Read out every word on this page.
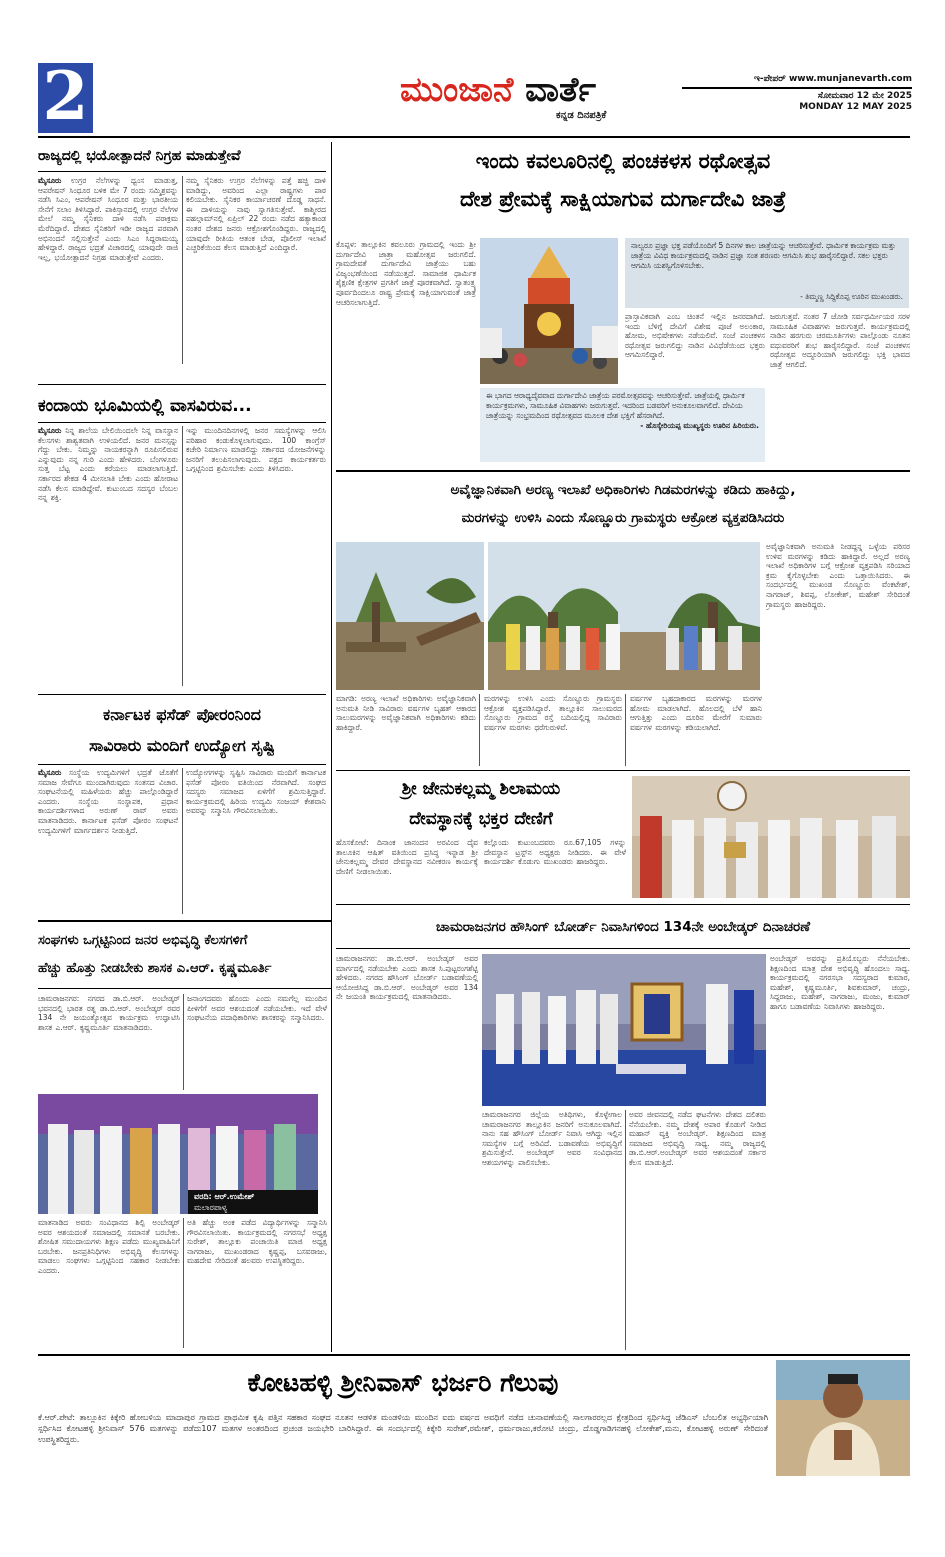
2	ಮುಂಜಾನೆ ವಾರ್ತೆ
ಕನ್ನಡ ದಿನಪತ್ರಿಕೆ
ಇ-ಪೇಪರ್ www.munjanevarth.com
ಸೋಮವಾರ 12 ಮೇ 2025
MONDAY 12 MAY 2025
ರಾಜ್ಯದಲ್ಲಿ ಭಯೋತ್ಪಾದನೆ ನಿಗ್ರಹ ಮಾಡುತ್ತೇವೆ
ಮೈಸೂರು ಉಗ್ರರ ನೆಲೆಗಳನ್ನು ಧ್ವಂಸ ಮಾಡುತ್ತ, ಆಪರೇಷನ್ ಸಿಂಧೂರ ಬಳಿಕ ಮೇ 7 ರಂದು ಸಮ್ಮಿಶ್ರವನ್ನು ನಡೆಸಿ ಸಿಎಂ, ಆಪರೇಷನ್ ಸಿಂಧೂರ ಮತ್ತು ಭಾರತೀಯ ಸೇನೆಗೆ ಸಲಾಂ ತಿಳಿಸಿದ್ದಾರೆ. ಪಾಕಿಸ್ತಾನದಲ್ಲಿ ಉಗ್ರರ ನೆಲೆಗಳ ಮೇಲೆ ನಮ್ಮ ಸೈನಿಕರು ದಾಳಿ ನಡೆಸಿ ಪರಾಕ್ರಮ ಮೆರೆದಿದ್ದಾರೆ. ದೇಶದ ಸೈನಿಕರಿಗೆ ಇಡೀ ರಾಜ್ಯದ ಪರವಾಗಿ ಅಭಿನಂದನೆ ಸಲ್ಲಿಸುತ್ತೇನೆ ಎಂದು ಸಿಎಂ ಸಿದ್ದರಾಮಯ್ಯ ಹೇಳಿದ್ದಾರೆ. ರಾಜ್ಯದ ಭದ್ರತೆ ವಿಚಾರದಲ್ಲಿ ಯಾವುದೇ ರಾಜಿ ಇಲ್ಲ, ಭಯೋತ್ಪಾದನೆ ನಿಗ್ರಹ ಮಾಡುತ್ತೇವೆ ಎಂದರು.
ನಮ್ಮ ಸೈನಿಕರು ಉಗ್ರರ ನೆಲೆಗಳನ್ನು ಪತ್ತೆ ಹಚ್ಚಿ ದಾಳಿ ಮಾಡಿದ್ದು, ಅವರಿಂದ ಎಲ್ಲಾ ರಾಷ್ಟ್ರಗಳು ಪಾಠ ಕಲಿಯಬೇಕು. ಸೈನಿಕರ ಕಾರ್ಯಾಚರಣೆ ದೊಡ್ಡ ಸಾಧನೆ. ಈ ದಾಳಿಯನ್ನು ನಾವು ಸ್ವಾಗತಿಸುತ್ತೇವೆ. ಕಾಶ್ಮೀರದ ಪಹಲ್ಗಾಮ್‌ನಲ್ಲಿ ಏಪ್ರಿಲ್ 22 ರಂದು ನಡೆದ ಹತ್ಯಾಕಾಂಡ ನಂತರ ದೇಶದ ಜನರು ಆಕ್ರೋಶಗೊಂಡಿದ್ದರು. ರಾಜ್ಯದಲ್ಲಿ ಯಾವುದೇ ರೀತಿಯ ಆತಂಕ ಬೇಡ, ಪೊಲೀಸ್ ಇಲಾಖೆ ಎಚ್ಚರಿಕೆಯಿಂದ ಕೆಲಸ ಮಾಡುತ್ತಿದೆ ಎಂದಿದ್ದಾರೆ.
ಕಂದಾಯ ಭೂಮಿಯಲ್ಲಿ ವಾಸವಿರುವ...
ಮೈಸೂರು ನಿನ್ನ ಶಾಲೆಯ ಬೇಲಿಯಿಂದಲೇ ನಿನ್ನ ವಾಸಸ್ಥಾನ ಕೆಲಸಗಳು ಶಾಶ್ವತವಾಗಿ ಉಳಿಯಲಿದೆ. ಜನರ ಮನಸ್ಸನ್ನು ಗೆದ್ದು ಬೇಕು. ನಿಮ್ಮನ್ನು ನಾಯಕರನ್ನಾಗಿ ರೂಪಿಸಲಿರುವ ಎನ್ನುವುದು ನನ್ನ ಗುರಿ ಎಂದು ಹೇಳಿದರು. ಬೆಂಗಳೂರು ಸುತ್ತ ಬೆಟ್ಟ ಎಂದು ಕರೆಯಲು ಮಾಡಲಾಗುತ್ತಿದೆ. ಸರ್ಕಾರದ ಶೇಕಡ 4 ಮೀಸಲಾತಿ ಬೇಕು ಎಂದು ಹೋರಾಟ ನಡೆಸಿ ಕೆಲಸ ಮಾಡಿದ್ದೇವೆ. ಕುಟುಂಬದ ಸದಸ್ಯರ ಬೆಂಬಲ ನನ್ನ ಶಕ್ತಿ.
ಇನ್ನು ಮುಂದಿನದಿನಗಳಲ್ಲಿ ಜನರ ಸಮಸ್ಯೆಗಳನ್ನು ಆಲಿಸಿ ಪರಿಹಾರ ಕಂಡುಕೊಳ್ಳಲಾಗುವುದು. 100 ಕಾಂಗ್ರೆಸ್ ಕಚೇರಿ ನಿರ್ಮಾಣ ಮಾಡಲಿದ್ದು ಸರ್ಕಾರದ ಯೋಜನೆಗಳನ್ನು ಜನರಿಗೆ ತಲುಪಿಸಲಾಗುವುದು. ಪಕ್ಷದ ಕಾರ್ಯಕರ್ತರು ಒಗ್ಗಟ್ಟಿನಿಂದ ಶ್ರಮಿಸಬೇಕು ಎಂದು ತಿಳಿಸಿದರು.
ಕರ್ನಾಟಕ ಫಸೆಡ್ ಪೋರಂನಿಂದ
ಸಾವಿರಾರು ಮಂದಿಗೆ ಉದ್ಯೋಗ ಸೃಷ್ಟಿ
ಮೈಸೂರು ಸಂಸ್ಥೆಯ ಉದ್ಯಮಿಗಳಿಗೆ ಭದ್ರತೆ ಜೊತೆಗೆ ಸಮಾಜ ಸೇವೆಗೂ ಮುಂದಾಗಿರುವುದು ಸಂತಸದ ವಿಚಾರ. ಸಂಘಟನೆಯಲ್ಲಿ ಮಹಿಳೆಯರು ಹೆಚ್ಚು ಪಾಲ್ಗೊಂಡಿದ್ದಾರೆ ಎಂದರು. ಸಂಸ್ಥೆಯ ಸಂಸ್ಥಾಪಕ, ಪ್ರಧಾನ ಕಾರ್ಯದರ್ಶಿಗಳಾದ ಅರುಣ್ ರಾವ್ ಅವರು ಮಾತನಾಡಿದರು. ಕಾರ್ನಾಟಕ ಫಸೆಡ್ ಪೋರಂ ಸಂಘಟನೆ ಉದ್ಯಮಿಗಳಿಗೆ ಮಾರ್ಗದರ್ಶನ ನೀಡುತ್ತಿದೆ.
ಉದ್ಯೋಗಗಳನ್ನು ಸೃಷ್ಟಿಸಿ ಸಾವಿರಾರು ಮಂದಿಗೆ ಕಾರ್ನಾಟಕ ಫಸೆಡ್ ಪೋರಂ ವತಿಯಿಂದ ನೆರವಾಗಿದೆ. ಸಂಘದ ಸದಸ್ಯರು ಸಮಾಜದ ಏಳಿಗೆಗೆ ಶ್ರಮಿಸುತ್ತಿದ್ದಾರೆ. ಕಾರ್ಯಕ್ರಮದಲ್ಲಿ ಹಿರಿಯ ಉದ್ಯಮಿ ಸಂಜಯ್ ಕೇಶವಾನಿ ಅವರನ್ನು ಸನ್ಮಾನಿಸಿ ಗೌರವಿಸಲಾಯಿತು.
ಇಂದು ಕವಲೂರಿನಲ್ಲಿ ಪಂಚಕಳಸ ರಥೋತ್ಸವ
ದೇಶ ಪ್ರೇಮಕ್ಕೆ ಸಾಕ್ಷಿಯಾಗುವ ದುರ್ಗಾದೇವಿ ಜಾತ್ರೆ
ನಾಲ್ವರೂ ಪ್ರಜ್ಞಾ ಭಕ್ತ ಪಡೆಯೊಂದಿಗೆ 5 ದಿನಗಳ ಕಾಲ ಜಾತ್ರೆಯನ್ನು ಆಚರಿಸುತ್ತೇವೆ. ಧಾರ್ಮಿಕ ಕಾರ್ಯಕ್ರಮ ಮತ್ತು ಜಾತ್ರೆಯ ವಿವಿಧ ಕಾರ್ಯಕ್ರಮದಲ್ಲಿ ನಾಡಿನ ಪ್ರಜ್ಞಾ ಸಂತ ಶರಣರು ಆಗಮಿಸಿ ಶುಭ ಹಾರೈಸಲಿದ್ದಾರೆ. ಸಕಲ ಭಕ್ತರು ಆಗಮಿಸಿ ಯಶಸ್ವಿಗೊಳಿಸಬೇಕು.
- ತಿಮ್ಮಣ್ಣ ಸಿದ್ದಿಕೊಪ್ಪ ಊರಿನ ಮುಖಂಡರು.
ಕೊಪ್ಪಳ: ತಾಲ್ಲೂಕಿನ ಕವಲೂರು ಗ್ರಾಮದಲ್ಲಿ ಇಂದು ಶ್ರೀ ದುರ್ಗಾದೇವಿ ಜಾತ್ರಾ ಮಹೋತ್ಸವ ಜರುಗಲಿದೆ. ಗ್ರಾಮದೇವತೆ ದುರ್ಗಾದೇವಿ ಜಾತ್ರೆಯು ಬಹು ವಿಜೃಂಭಣೆಯಿಂದ ನಡೆಯುತ್ತದೆ. ಸಾಮಾಜಿಕ ಧಾರ್ಮಿಕ ಶೈಕ್ಷಣಿಕ ಕ್ಷೇತ್ರಗಳ ಪ್ರಗತಿಗೆ ಜಾತ್ರೆ ಪೂರಕವಾಗಿದೆ. ಸ್ವಾತಂತ್ರ್ಯ ಪೂರ್ವದಿಂದಲೂ ರಾಷ್ಟ್ರ ಪ್ರೇಮಕ್ಕೆ ಸಾಕ್ಷಿಯಾಗುವಂತೆ ಜಾತ್ರೆ ಆಚರಿಸಲಾಗುತ್ತಿದೆ.
ಪ್ರಾಸ್ತಾವಿಕವಾಗಿ ಎಂಬ ಚಿಂತನೆ ಇಲ್ಲಿನ ಜನರದಾಗಿದೆ. ಇಂದು ಬೆಳಿಗ್ಗೆ ದೇವಿಗೆ ವಿಶೇಷ ಪೂಜೆ ಅಲಂಕಾರ, ಹೋಮ, ಅಭಿಷೇಕಗಳು ನಡೆಯಲಿವೆ. ಸಂಜೆ ಪಂಚಕಳಸ ರಥೋತ್ಸವ ಜರುಗಲಿದ್ದು ನಾಡಿನ ವಿವಿಧೆಡೆಯಿಂದ ಭಕ್ತರು ಆಗಮಿಸಲಿದ್ದಾರೆ.
ಜರುಗುತ್ತವೆ. ನಂತರ 7 ಜೋಡಿ ಸರ್ವಧರ್ಮೀಯರ ಸರಳ ಸಾಮೂಹಿಕ ವಿವಾಹಗಳು ಜರುಗುತ್ತವೆ. ಕಾರ್ಯಕ್ರಮದಲ್ಲಿ ನಾಡಿನ ಹರಗುರು ಚರಮೂರ್ತಿಗಳು ಪಾಲ್ಗೊಂಡು ನೂತನ ವಧುವರರಿಗೆ ಶುಭ ಹಾರೈಸಲಿದ್ದಾರೆ. ಸಂಜೆ ಪಂಚಕಳಸ ರಥೋತ್ಸವ ಅದ್ಧೂರಿಯಾಗಿ ಜರುಗಲಿದ್ದು ಭಕ್ತಿ ಭಾವದ ಜಾತ್ರೆ ಆಗಲಿದೆ.
ಈ ಭಾಗದ ಆರಾಧ್ಯದೈವವಾದ ದುರ್ಗಾದೇವಿ ಜಾತ್ರೆಯ ಪರಮೋತ್ಸವವನ್ನು ಆಚರಿಸುತ್ತೇವೆ. ಜಾತ್ರೆಯಲ್ಲಿ ಧಾರ್ಮಿಕ ಕಾರ್ಯಕ್ರಮಗಳು, ಸಾಮೂಹಿಕ ವಿವಾಹಗಳು ಜರುಗುತ್ತವೆ. ಇದರಿಂದ ಬಡವರಿಗೆ ಅನುಕೂಲವಾಗಲಿದೆ. ದೇವಿಯ ಜಾತ್ರೆಯನ್ನು ಸಂಭ್ರಮದಿಂದ ರಥೋತ್ಸವದ ಮೂಲಕ ದೇಶ ಭಕ್ತಿಗೆ ಹೆಸರಾಗಿದೆ.
- ಹೊಸ್ಕೇರಿಯಪ್ಪ ಮುಖ್ಯಸ್ಥರು ಊರಿನ ಹಿರಿಯರು.
ಅವೈಜ್ಞಾನಿಕವಾಗಿ ಅರಣ್ಯ ಇಲಾಖೆ ಅಧಿಕಾರಿಗಳು ಗಿಡಮರಗಳನ್ನು ಕಡಿದು ಹಾಕಿದ್ದು,
ಮರಗಳನ್ನು ಉಳಿಸಿ ಎಂದು ಸೊಣ್ಣೂರು ಗ್ರಾಮಸ್ಥರು ಆಕ್ರೋಶ ವ್ಯಕ್ತಪಡಿಸಿದರು
ಅವೈಜ್ಞಾನಿಕವಾಗಿ ಅನುಮತಿ ನೀಡದ್ದನ್ನ ಒಳ್ಳೆಯ ಪರಿಸರ ಉಳಿವ ಮರಗಳನ್ನು ಕಡಿದು ಹಾಕಿದ್ದಾರೆ. ಅಲ್ಲದೆ ಅರಣ್ಯ ಇಲಾಖೆ ಅಧಿಕಾರಿಗಳ ಬಗ್ಗೆ ಆಕ್ರೋಶ ವ್ಯಕ್ತಪಡಿಸಿ ಸರಿಯಾದ ಕ್ರಮ ಕೈಗೊಳ್ಳಬೇಕು ಎಂದು ಒತ್ತಾಯಿಸಿದರು. ಈ ಸಂದರ್ಭದಲ್ಲಿ ಮುಖಂಡ ಸೊಣ್ಣೂರು ವೆಂಕಟೇಶ್, ನಾಗರಾಜ್, ಶಿವಪ್ಪ, ಲೋಕೇಶ್, ಮಹೇಶ್ ಸೇರಿದಂತೆ ಗ್ರಾಮಸ್ಥರು ಹಾಜರಿದ್ದರು.
ಮಾಗಡಿ: ಅರಣ್ಯ ಇಲಾಖೆ ಅಧಿಕಾರಿಗಳು ಅವೈಜ್ಞಾನಿಕವಾಗಿ ಅನುಮತಿ ನೀಡಿ ಸಾವಿರಾರು ವರ್ಷಗಳ ಬೃಹತ್ ಆಕಾರದ ಸಾಲುಮರಗಳನ್ನು ಅವೈಜ್ಞಾನಿಕವಾಗಿ ಅಧಿಕಾರಿಗಳು ಕಡಿದು ಹಾಕಿದ್ದಾರೆ.
ಮರಗಳನ್ನು ಉಳಿಸಿ ಎಂದು ಸೊಣ್ಣೂರು ಗ್ರಾಮಸ್ಥರು ಆಕ್ರೋಶ ವ್ಯಕ್ತಪಡಿಸಿದ್ದಾರೆ. ತಾಲ್ಲೂಕಿನ ಸಾಲುಮರದ ಸೊಣ್ಣೂರು ಗ್ರಾಮದ ರಸ್ತೆ ಬದಿಯಲ್ಲಿದ್ದ ಸಾವಿರಾರು ವರ್ಷಗಳ ಮರಗಳು ಧರೆಗುರುಳಿವೆ.
ವರ್ಷಗಳ ಬೃಹದಾಕಾರದ ಮರಗಳನ್ನು ಮರಗಳ ಹೋಮ ಮಾಡಲಾಗಿದೆ. ಹೊಲದಲ್ಲಿ ಬೆಳೆ ಹಾನಿ ಆಗುತ್ತಿತ್ತು ಎಂದು ದೂರಿನ ಮೇರೆಗೆ ಸುಮಾರು ವರ್ಷಗಳ ಮರಗಳನ್ನು ಕಡಿಯಲಾಗಿದೆ.
ಶ್ರೀ ಜೇನುಕಲ್ಲಮ್ಮ ಶಿಲಾಮಯ
ದೇವಸ್ಥಾನಕ್ಕೆ ಭಕ್ತರ ದೇಣಿಗೆ
ಹೊಸಕೋಟೆ: ದಿನಾಂಕ ಜಾನಂದನ ಅರವಿಂದ ದೈವ ತಾಲೂಕಿನ ಆಷಿತ್ ವತಿಯಿಂದ ಪ್ರಸಿದ್ಧ ಇನ್ನಾಡ ಶ್ರೀ ಜೇನುಕಲ್ಲಮ್ಮ ದೇವರ ದೇವಸ್ಥಾನದ ನವೀಕರಣ ಕಾರ್ಯಕ್ಕೆ ದೇಣಿಗೆ ನೀಡಲಾಯಿತು.
ಕಲ್ಲೊಂದು ಕುಟುಂಬದವರು ರೂ.67,105 ಗಳನ್ನು ದೇವಸ್ಥಾನ ಟ್ರಸ್ಟ್‌ನ ಅಧ್ಯಕ್ಷರು ನೀಡಿದರು. ಈ ವೇಳೆ ಕಾರ್ಯದರ್ಶಿ ಕೊಡುಗು ಮುಖಂಡರು ಹಾಜರಿದ್ದರು.
ಚಾಮರಾಜನಗರ ಹೌಸಿಂಗ್ ಬೋರ್ಡ್ ನಿವಾಸಿಗಳಿಂದ 134ನೇ ಅಂಬೇಡ್ಕರ್ ದಿನಾಚರಣೆ
ಚಾಮರಾಜನಗರ: ಡಾ.ಬಿ.ಆರ್. ಅಂಬೇಡ್ಕರ್ ಅವರ ಮಾರ್ಗದಲ್ಲಿ ನಡೆಯಬೇಕು ಎಂದು ಶಾಸಕ ಸಿ.ಪುಟ್ಟರಂಗಶೆಟ್ಟಿ ಹೇಳಿದರು. ನಗರದ ಹೌಸಿಂಗ್ ಬೋರ್ಡ್ ಬಡಾವಣೆಯಲ್ಲಿ ಆಯೋಜಿಸಿದ್ದ ಡಾ.ಬಿ.ಆರ್. ಅಂಬೇಡ್ಕರ್ ಅವರ 134 ನೇ ಜಯಂತಿ ಕಾರ್ಯಕ್ರಮದಲ್ಲಿ ಮಾತನಾಡಿದರು.
ಅಂಬೇಡ್ಕರ್ ಅವರನ್ನು ಪ್ರತಿಯೊಬ್ಬರು ನೆನೆಯಬೇಕು. ಶಿಕ್ಷಣದಿಂದ ಮಾತ್ರ ದೇಶ ಅಭಿವೃದ್ಧಿ ಹೊಂದಲು ಸಾಧ್ಯ. ಕಾರ್ಯಕ್ರಮದಲ್ಲಿ ನಗರಸಭಾ ಸದಸ್ಯರಾದ ಕುಮಾರ, ಮಹೇಶ್, ಕೃಷ್ಣಮೂರ್ತಿ, ಶಿವಕುಮಾರ್, ಚಂದ್ರು, ಸಿದ್ದರಾಜು, ಮಹೇಶ್, ನಾಗರಾಜು, ಮಂಜು, ಕುಮಾರ್ ಹಾಗೂ ಬಡಾವಣೆಯ ನಿವಾಸಿಗಳು ಹಾಜರಿದ್ದರು.
ಚಾಮರಾಜನಗರ ಜಿಲ್ಲೆಯ ಅತಿಥಿಗಳು, ಕೊಳ್ಳೇಗಾಲ ಚಾಮರಾಜನಗರ ತಾಲ್ಲೂಕಿನ ಜನರಿಗೆ ಅನುಕೂಲವಾಗಿದೆ. ನಾನು ಸಹ ಹೌಸಿಂಗ್ ಬೋರ್ಡ್ ನಿವಾಸಿ ಆಗಿದ್ದು ಇಲ್ಲಿನ ಸಮಸ್ಯೆಗಳ ಬಗ್ಗೆ ಅರಿವಿದೆ. ಬಡಾವಣೆಯ ಅಭಿವೃದ್ಧಿಗೆ ಶ್ರಮಿಸುತ್ತೇನೆ. ಅಂಬೇಡ್ಕರ್ ಅವರ ಸಂವಿಧಾನದ ಆಶಯಗಳನ್ನು ಪಾಲಿಸಬೇಕು.
ಅವರ ಜೀವನದಲ್ಲಿ ನಡೆದ ಘಟನೆಗಳು ದೇಶದ ದಲಿತರು ನೆನೆಯಬೇಕು. ನಮ್ಮ ದೇಶಕ್ಕೆ ಅಪಾರ ಕೊಡುಗೆ ನೀಡಿದ ಮಹಾನ್ ವ್ಯಕ್ತಿ ಅಂಬೇಡ್ಕರ್. ಶಿಕ್ಷಣದಿಂದ ಮಾತ್ರ ಸಮಾಜದ ಅಭಿವೃದ್ಧಿ ಸಾಧ್ಯ. ನಮ್ಮ ರಾಜ್ಯದಲ್ಲಿ ಡಾ.ಬಿ.ಆರ್.ಅಂಬೇಡ್ಕರ್ ಅವರ ಆಶಯದಂತೆ ಸರ್ಕಾರ ಕೆಲಸ ಮಾಡುತ್ತಿದೆ.
ಸಂಘಗಳು ಒಗ್ಗಟ್ಟಿನಿಂದ ಜನರ ಅಭಿವೃದ್ಧಿ ಕೆಲಸಗಳಿಗೆ
ಹೆಚ್ಚು ಹೊತ್ತು ನೀಡಬೇಕು ಶಾಸಕ ಎ.ಆರ್. ಕೃಷ್ಣಮೂರ್ತಿ
ಚಾಮರಾಜನಗರ: ನಗರದ ಡಾ.ಬಿ.ಆರ್. ಅಂಬೇಡ್ಕರ್ ಭವನದಲ್ಲಿ ಭಾರತ ರತ್ನ ಡಾ.ಬಿ.ಆರ್. ಅಂಬೇಡ್ಕರ್ ರವರ 134 ನೇ ಜಯಂತ್ಯೋತ್ಸವ ಕಾರ್ಯಕ್ರಮ ಉದ್ಘಾಟಿಸಿ ಶಾಸಕ ಎ.ಆರ್. ಕೃಷ್ಣಮೂರ್ತಿ ಮಾತನಾಡಿದರು.
ಜನಾಂಗದವರು ಹೊಂದು ಎಂದು ನಮಗೆಲ್ಲ ಮುಂದಿನ ಪೀಳಿಗೆಗೆ ಅವರ ಆಶಯದಂತೆ ನಡೆಯಬೇಕು. ಇದೆ ವೇಳೆ ಸಂಘಟನೆಯ ಪದಾಧಿಕಾರಿಗಳು ಶಾಸಕರನ್ನು ಸನ್ಮಾನಿಸಿದರು.
ವರದಿ: ಆರ್.ಉಮೇಶ್
ಮಲಾರಪಾಳ್ಯ
ಮಾತನಾಡಿದ ಅವರು ಸಂವಿಧಾನದ ಶಿಲ್ಪಿ ಅಂಬೇಡ್ಕರ್ ಅವರ ಆಶಯದಂತೆ ಸಮಾಜದಲ್ಲಿ ಸಮಾನತೆ ಬರಬೇಕು. ಶೋಷಿತ ಸಮುದಾಯಗಳು ಶಿಕ್ಷಣ ಪಡೆದು ಮುಖ್ಯವಾಹಿನಿಗೆ ಬರಬೇಕು. ಜನಪ್ರತಿನಿಧಿಗಳು ಅಭಿವೃದ್ಧಿ ಕೆಲಸಗಳನ್ನು ಮಾಡಲು ಸಂಘಗಳು ಒಗ್ಗಟ್ಟಿನಿಂದ ಸಹಕಾರ ನೀಡಬೇಕು ಎಂದರು.
ಅತಿ ಹೆಚ್ಚು ಅಂಕ ಪಡೆದ ವಿದ್ಯಾರ್ಥಿಗಳನ್ನು ಸನ್ಮಾನಿಸಿ ಗೌರವಿಸಲಾಯಿತು. ಕಾರ್ಯಕ್ರಮದಲ್ಲಿ ನಗರಸಭೆ ಅಧ್ಯಕ್ಷ ಸುರೇಶ್, ತಾಲ್ಲೂಕು ಪಂಚಾಯಿತಿ ಮಾಜಿ ಅಧ್ಯಕ್ಷ ನಾಗರಾಜು, ಮುಖಂಡರಾದ ಕೃಷ್ಣಪ್ಪ, ಬಸವರಾಜು, ಮಹದೇವ ಸೇರಿದಂತೆ ಹಲವರು ಉಪಸ್ಥಿತರಿದ್ದರು.
ಕೋಟಹಳ್ಳಿ ಶ್ರೀನಿವಾಸ್ ಭರ್ಜರಿ ಗೆಲುವು
ಕೆ.ಆರ್.ಪೇಟೆ: ತಾಲ್ಲೂಕಿನ ಕಿಕ್ಕೇರಿ ಹೋಬಳಿಯ ಮಾದಾಪುರ ಗ್ರಾಮದ ಪ್ರಾಥಮಿಕ ಕೃಷಿ ಪತ್ತಿನ ಸಹಕಾರ ಸಂಘದ ನೂತನ ಆಡಳಿತ ಮಂಡಳಿಯ ಮುಂದಿನ ಐದು ವರ್ಷದ ಅವಧಿಗೆ ನಡೆದ ಚುನಾವಣೆಯಲ್ಲಿ ಸಾಲಗಾರರಲ್ಲದ ಕ್ಷೇತ್ರದಿಂದ ಸ್ಪರ್ಧಿಸಿದ್ದ ಜೆಡಿಎಸ್ ಬೆಂಬಲಿತ ಅಭ್ಯರ್ಥಿಯಾಗಿ ಸ್ಪರ್ಧಿಸಿದ ಕೋಟಹಳ್ಳಿ ಶ್ರೀನಿವಾಸ್ 576 ಮತಗಳನ್ನು ಪಡೆದು107 ಮತಗಳ ಅಂತರದಿಂದ ಪ್ರಚಂಡ ಜಯಭೇರಿ ಬಾರಿಸಿದ್ದಾರೆ. ಈ ಸಂದರ್ಭದಲ್ಲಿ ಕಿಕ್ಕೇರಿ ಸುರೇಶ್,ರಮೇಶ್, ಧರ್ಮರಾಜು,ಕರೋಟಿ ಚಂದ್ರು, ದೊಡ್ಡಗಾಡಿಗನಹಳ್ಳಿ ಲೋಕೇಶ್,ಮನು, ಕೋಟಹಳ್ಳಿ ಅರುಣ್ ಸೇರಿದಂತೆ ಉಪಸ್ಥಿತರಿದ್ದರು.
